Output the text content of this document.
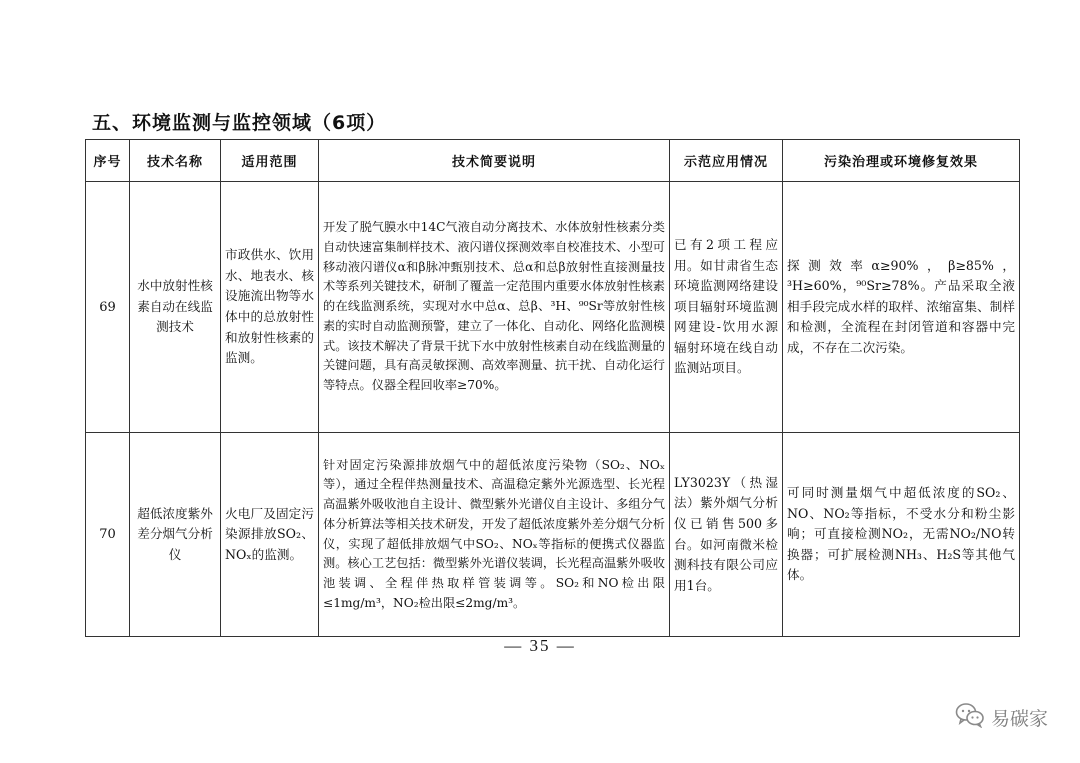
五、环境监测与监控领域（6项）
序号	技术名称	适用范围	技术简要说明	示范应用情况	污染治理或环境修复效果
69	水中放射性核素自动在线监测技术	市政供水、饮用水、地表水、核设施流出物等水体中的总放射性和放射性核素的监测。	开发了脱气膜水中14C气液自动分离技术、水体放射性核素分类自动快速富集制样技术、液闪谱仪探测效率自校准技术、小型可移动液闪谱仪α和β脉冲甄别技术、总α和总β放射性直接测量技术等系列关键技术，研制了覆盖一定范围内重要水体放射性核素的在线监测系统，实现对水中总α、总β、³H、⁹⁰Sr等放射性核素的实时自动监测预警，建立了一体化、自动化、网络化监测模式。该技术解决了背景干扰下水中放射性核素自动在线监测量的关键问题，具有高灵敏探测、高效率测量、抗干扰、自动化运行等特点。仪器全程回收率≥70%。	已有2项工程应用。如甘肃省生态环境监测网络建设项目辐射环境监测网建设-饮用水源辐射环境在线自动监测站项目。	探测效率α≥90%，β≥85%，³H≥60%，⁹⁰Sr≥78%。产品采取全液相手段完成水样的取样、浓缩富集、制样和检测，全流程在封闭管道和容器中完成，不存在二次污染。
70	超低浓度紫外差分烟气分析仪	火电厂及固定污染源排放SO₂、NOₓ的监测。	针对固定污染源排放烟气中的超低浓度污染物（SO₂、NOₓ等），通过全程伴热测量技术、高温稳定紫外光源选型、长光程高温紫外吸收池自主设计、微型紫外光谱仪自主设计、多组分气体分析算法等相关技术研发，开发了超低浓度紫外差分烟气分析仪，实现了超低排放烟气中SO₂、NOₓ等指标的便携式仪器监测。核心工艺包括：微型紫外光谱仪装调，长光程高温紫外吸收池装调、全程伴热取样管装调等。SO₂和NO检出限≤1mg/m³，NO₂检出限≤2mg/m³。	LY3023Y（热湿法）紫外烟气分析仪已销售500多台。如河南微米检测科技有限公司应用1台。	可同时测量烟气中超低浓度的SO₂、NO、NO₂等指标，不受水分和粉尘影响；可直接检测NO₂，无需NO₂/NO转换器；可扩展检测NH₃、H₂S等其他气体。
— 35 —
易碳家
